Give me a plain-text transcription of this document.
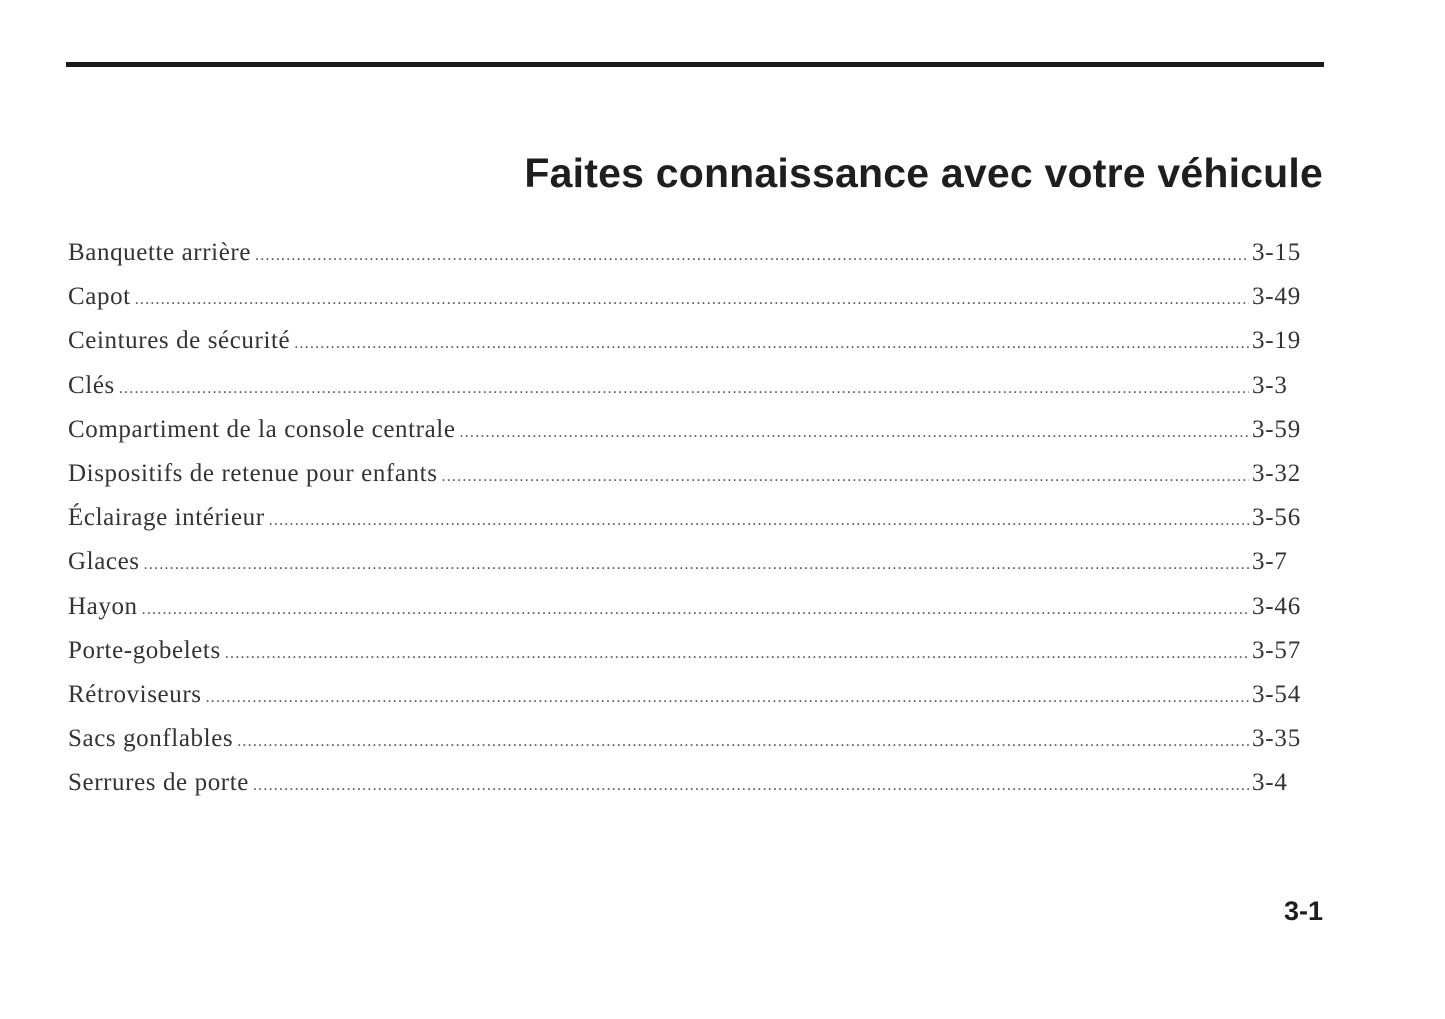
Faites connaissance avec votre véhicule
Banquette arrière .....	3-15
Capot .....	3-49
Ceintures de sécurité .....	3-19
Clés .....	3-3
Compartiment de la console centrale .....	3-59
Dispositifs de retenue pour enfants .....	3-32
Éclairage intérieur .....	3-56
Glaces .....	3-7
Hayon .....	3-46
Porte-gobelets .....	3-57
Rétroviseurs .....	3-54
Sacs gonflables .....	3-35
Serrures de porte .....	3-4
3-1
